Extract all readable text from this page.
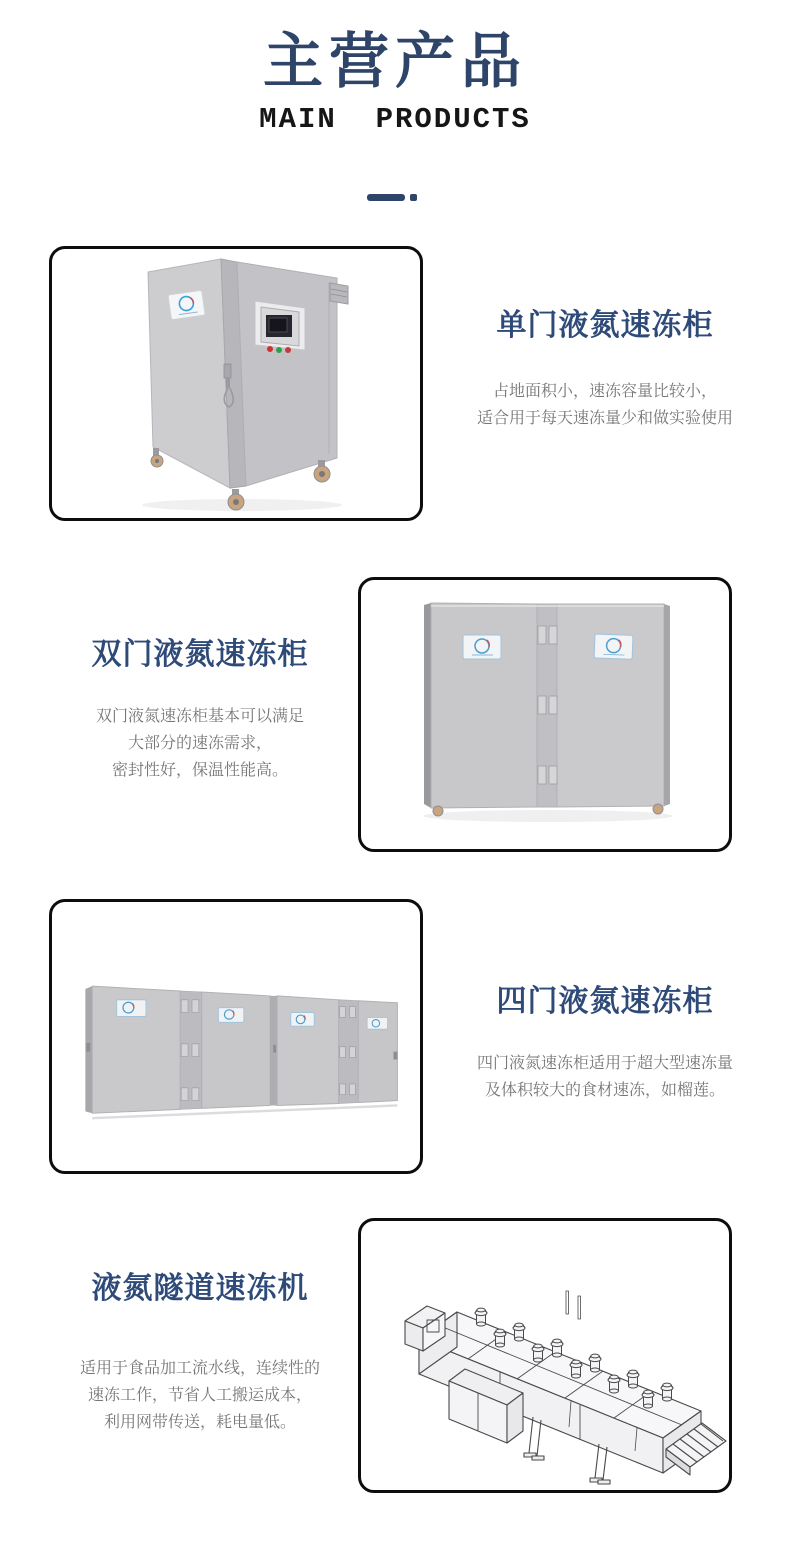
主营产品
MAIN  PRODUCTS
单门液氮速冻柜

占地面积小，速冻容量比较小，
适合用于每天速冻量少和做实验使用

双门液氮速冻柜

双门液氮速冻柜基本可以满足
大部分的速冻需求，
密封性好，保温性能高。

四门液氮速冻柜

四门液氮速冻柜适用于超大型速冻量
及体积较大的食材速冻，如榴莲。

液氮隧道速冻机

适用于食品加工流水线，连续性的
速冻工作，节省人工搬运成本，
利用网带传送，耗电量低。
